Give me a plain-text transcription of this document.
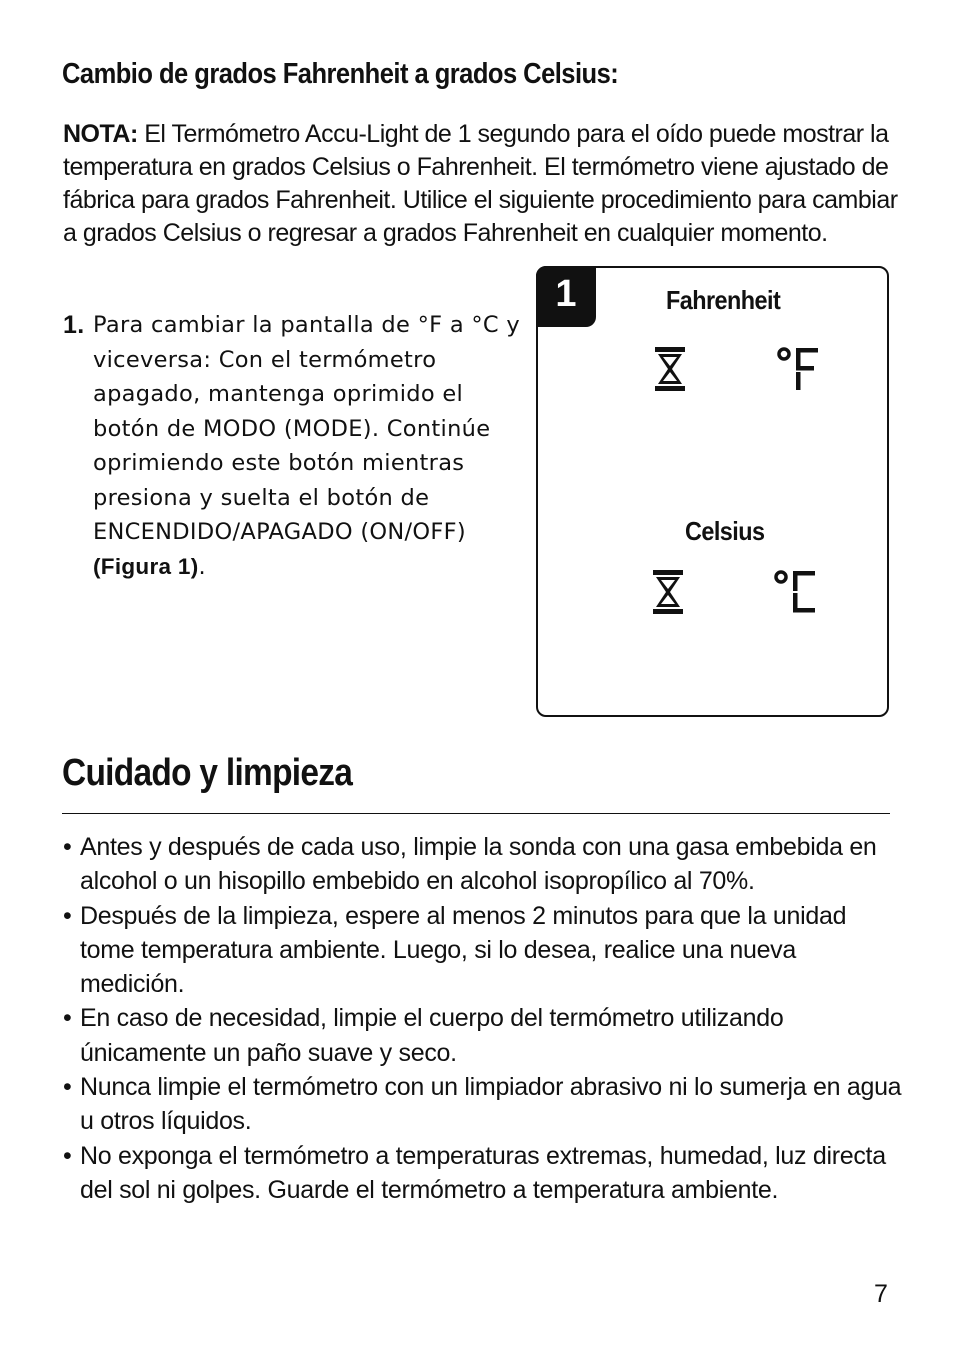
Cambio de grados Fahrenheit a grados Celsius:
NOTA: El Termómetro Accu-Light de 1 segundo para el oído puede mostrar la temperatura en grados Celsius o Fahrenheit. El termómetro viene ajustado de fábrica para grados Fahrenheit. Utilice el siguiente procedimiento para cambiar a grados Celsius o regresar a grados Fahrenheit en cualquier momento.
1. Para cambiar la pantalla de °F a °C y viceversa: Con el termómetro apagado, mantenga oprimido el botón de MODO (MODE). Continúe oprimiendo este botón mientras presiona y suelta el botón de ENCENDIDO/APAGADO (ON/OFF) (Figura 1).
1	Fahrenheit
Celsius
Cuidado y limpieza
• Antes y después de cada uso, limpie la sonda con una gasa embebida en alcohol o un hisopillo embebido en alcohol isopropílico al 70%.
• Después de la limpieza, espere al menos 2 minutos para que la unidad tome temperatura ambiente. Luego, si lo desea, realice una nueva medición.
• En caso de necesidad, limpie el cuerpo del termómetro utilizando únicamente un paño suave y seco.
• Nunca limpie el termómetro con un limpiador abrasivo ni lo sumerja en agua u otros líquidos.
• No exponga el termómetro a temperaturas extremas, humedad, luz directa del sol ni golpes. Guarde el termómetro a temperatura ambiente.
7
